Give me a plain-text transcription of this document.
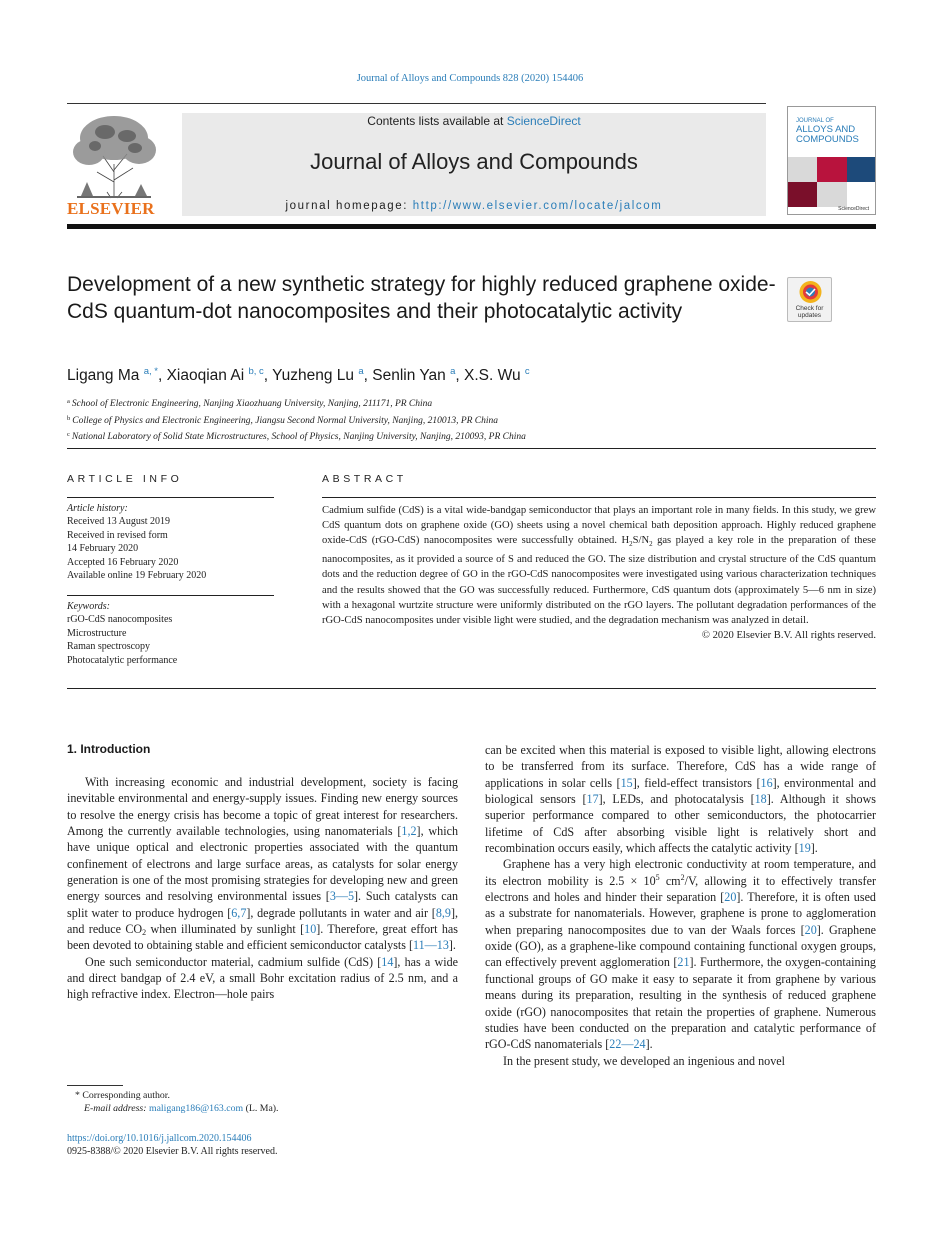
Journal of Alloys and Compounds 828 (2020) 154406
ELSEVIER
Contents lists available at ScienceDirect
Journal of Alloys and Compounds
journal homepage: http://www.elsevier.com/locate/jalcom
JOURNAL OF
ALLOYS AND
COMPOUNDS
ScienceDirect
Development of a new synthetic strategy for highly reduced graphene oxide-CdS quantum-dot nanocomposites and their photocatalytic activity	Check for updates
Ligang Ma $^{a, *}$, Xiaoqian Ai $^{b, c}$, Yuzheng Lu $^a$, Senlin Yan $^a$, X.S. Wu $^c$
$^a$ School of Electronic Engineering, Nanjing Xiaozhuang University, Nanjing, 211171, PR China
$^b$ College of Physics and Electronic Engineering, Jiangsu Second Normal University, Nanjing, 210013, PR China
$^c$ National Laboratory of Solid State Microstructures, School of Physics, Nanjing University, Nanjing, 210093, PR China
ARTICLE INFO
Article history:
Received 13 August 2019
Received in revised form
14 February 2020
Accepted 16 February 2020
Available online 19 February 2020
Keywords:
rGO-CdS nanocomposites
Microstructure
Raman spectroscopy
Photocatalytic performance
ABSTRACT
Cadmium sulfide (CdS) is a vital wide-bandgap semiconductor that plays an important role in many fields. In this study, we grew CdS quantum dots on graphene oxide (GO) sheets using a novel chemical bath deposition approach. Highly reduced graphene oxide-CdS (rGO-CdS) nanocomposites were successfully obtained. $H_2S/N_2$ gas played a key role in the preparation of these nanocomposites, as it provided a source of S and reduced the GO. The size distribution and crystal structure of the CdS quantum dots and the reduction degree of GO in the rGO-CdS nanocomposites were investigated using various characterization techniques and the results showed that the GO was successfully reduced. Furthermore, CdS quantum dots (approximately 5—6 nm in size) with a hexagonal wurtzite structure were uniformly distributed on the rGO layers. The pollutant degradation performances of the rGO-CdS nanocomposites under visible light were studied, and the degradation mechanism was analyzed in detail.
© 2020 Elsevier B.V. All rights reserved.
1. Introduction

With increasing economic and industrial development, society is facing inevitable environmental and energy-supply issues. Finding new energy sources to resolve the energy crisis has become a topic of great interest for researchers. Among the currently available technologies, using nanomaterials [1,2], which have unique optical and electronic properties associated with the quantum confinement of electrons and large surface areas, as catalysts for solar energy generation is one of the most promising strategies for developing new and green energy sources and resolving environmental issues [3—5]. Such catalysts can split water to produce hydrogen [6,7], degrade pollutants in water and air [8,9], and reduce $CO_2$ when illuminated by sunlight [10]. Therefore, great effort has been devoted to obtaining stable and efficient semiconductor catalysts [11—13].

One such semiconductor material, cadmium sulfide (CdS) [14], has a wide and direct bandgap of 2.4 eV, a small Bohr excitation radius of 2.5 nm, and a high refractive index. Electron—hole pairs

can be excited when this material is exposed to visible light, allowing electrons to be transferred from its surface. Therefore, CdS has a wide range of applications in solar cells [15], field-effect transistors [16], environmental and biological sensors [17], LEDs, and photocatalysis [18]. Although it shows superior performance compared to other semiconductors, the photocarrier lifetime of CdS after absorbing visible light is relatively short and recombination occurs easily, which affects the catalytic activity [19].

Graphene has a very high electronic conductivity at room temperature, and its electron mobility is $2.5 \times 10^5$ $cm^2/V$, allowing it to effectively transfer electrons and holes and hinder their separation [20]. Therefore, it is often used as a substrate for nanomaterials. However, graphene is prone to agglomeration when preparing nanocomposites due to van der Waals forces [20]. Graphene oxide (GO), as a graphene-like compound containing functional oxygen groups, can effectively prevent agglomeration [21]. Furthermore, the oxygen-containing functional groups of GO make it easy to separate it from graphene by various means during its preparation, resulting in the synthesis of reduced graphene oxide (rGO) nanocomposites that retain the properties of graphene. Numerous studies have been conducted on the preparation and catalytic performance of rGO-CdS nanomaterials [22—24].

In the present study, we developed an ingenious and novel

* Corresponding author.
E-mail address: maligang186@163.com (L. Ma).
https://doi.org/10.1016/j.jallcom.2020.154406
0925-8388/© 2020 Elsevier B.V. All rights reserved.
